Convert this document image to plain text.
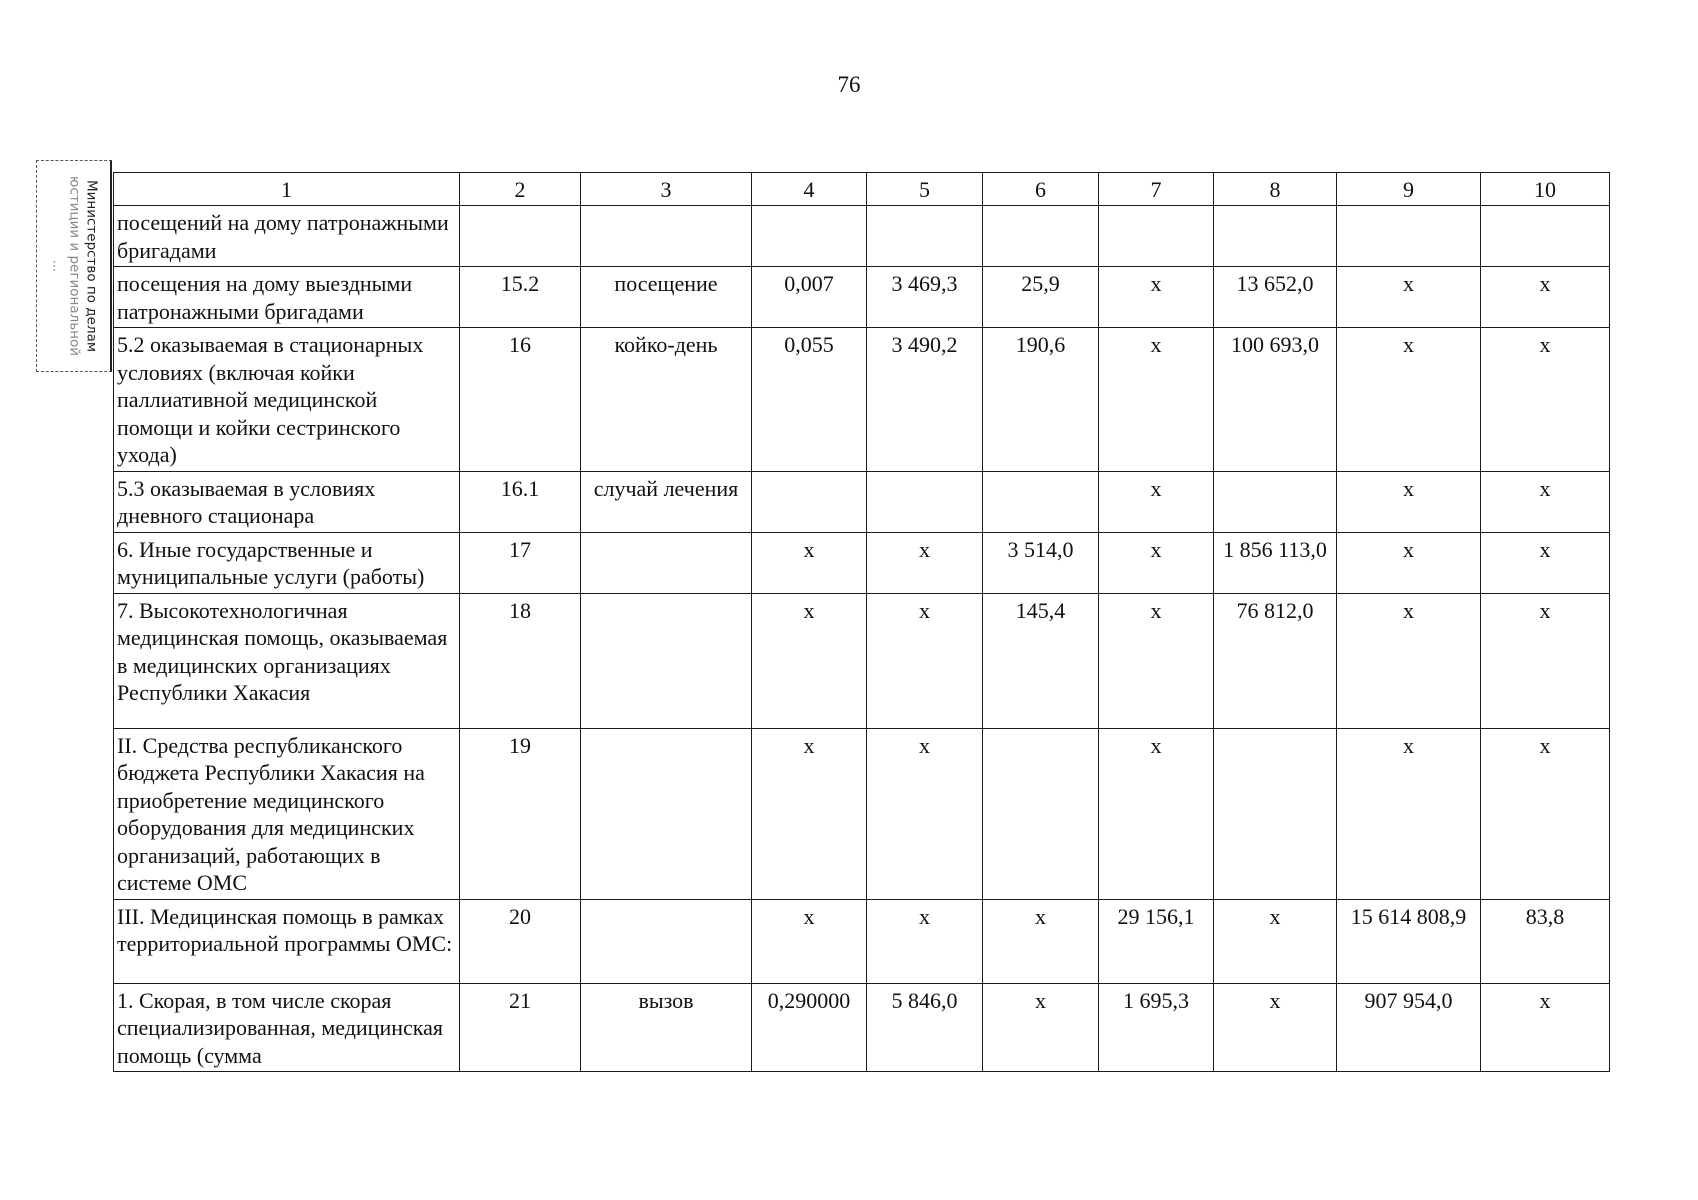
76
Министерство по делам
юстиции и региональной
...
1	2	3	4	5	6	7	8	9	10
посещений на дому патронажными бригадами									
посещения на дому выездными патронажными бригадами	15.2	посещение	0,007	3 469,3	25,9	х	13 652,0	х	х
5.2 оказываемая в стационарных условиях (включая койки паллиативной медицинской помощи и койки сестринского ухода)	16	койко-день	0,055	3 490,2	190,6	х	100 693,0	х	х
5.3 оказываемая в условиях дневного стационара	16.1	случай лечения				х		х	х
6. Иные государственные и муниципальные услуги (работы)	17		х	х	3 514,0	х	1 856 113,0	х	х
7. Высокотехнологичная медицинская помощь, оказываемая в медицинских организациях Республики Хакасия	18		х	х	145,4	х	76 812,0	х	х
II. Средства республиканского бюджета Республики Хакасия на приобретение медицинского оборудования для медицинских организаций, работающих в системе ОМС	19		х	х		х		х	х
III. Медицинская помощь в рамках территориальной программы ОМС:	20		х	х	х	29 156,1	х	15 614 808,9	83,8
1. Скорая, в том числе скорая специализированная, медицинская помощь (сумма	21	вызов	0,290000	5 846,0	х	1 695,3	х	907 954,0	х
